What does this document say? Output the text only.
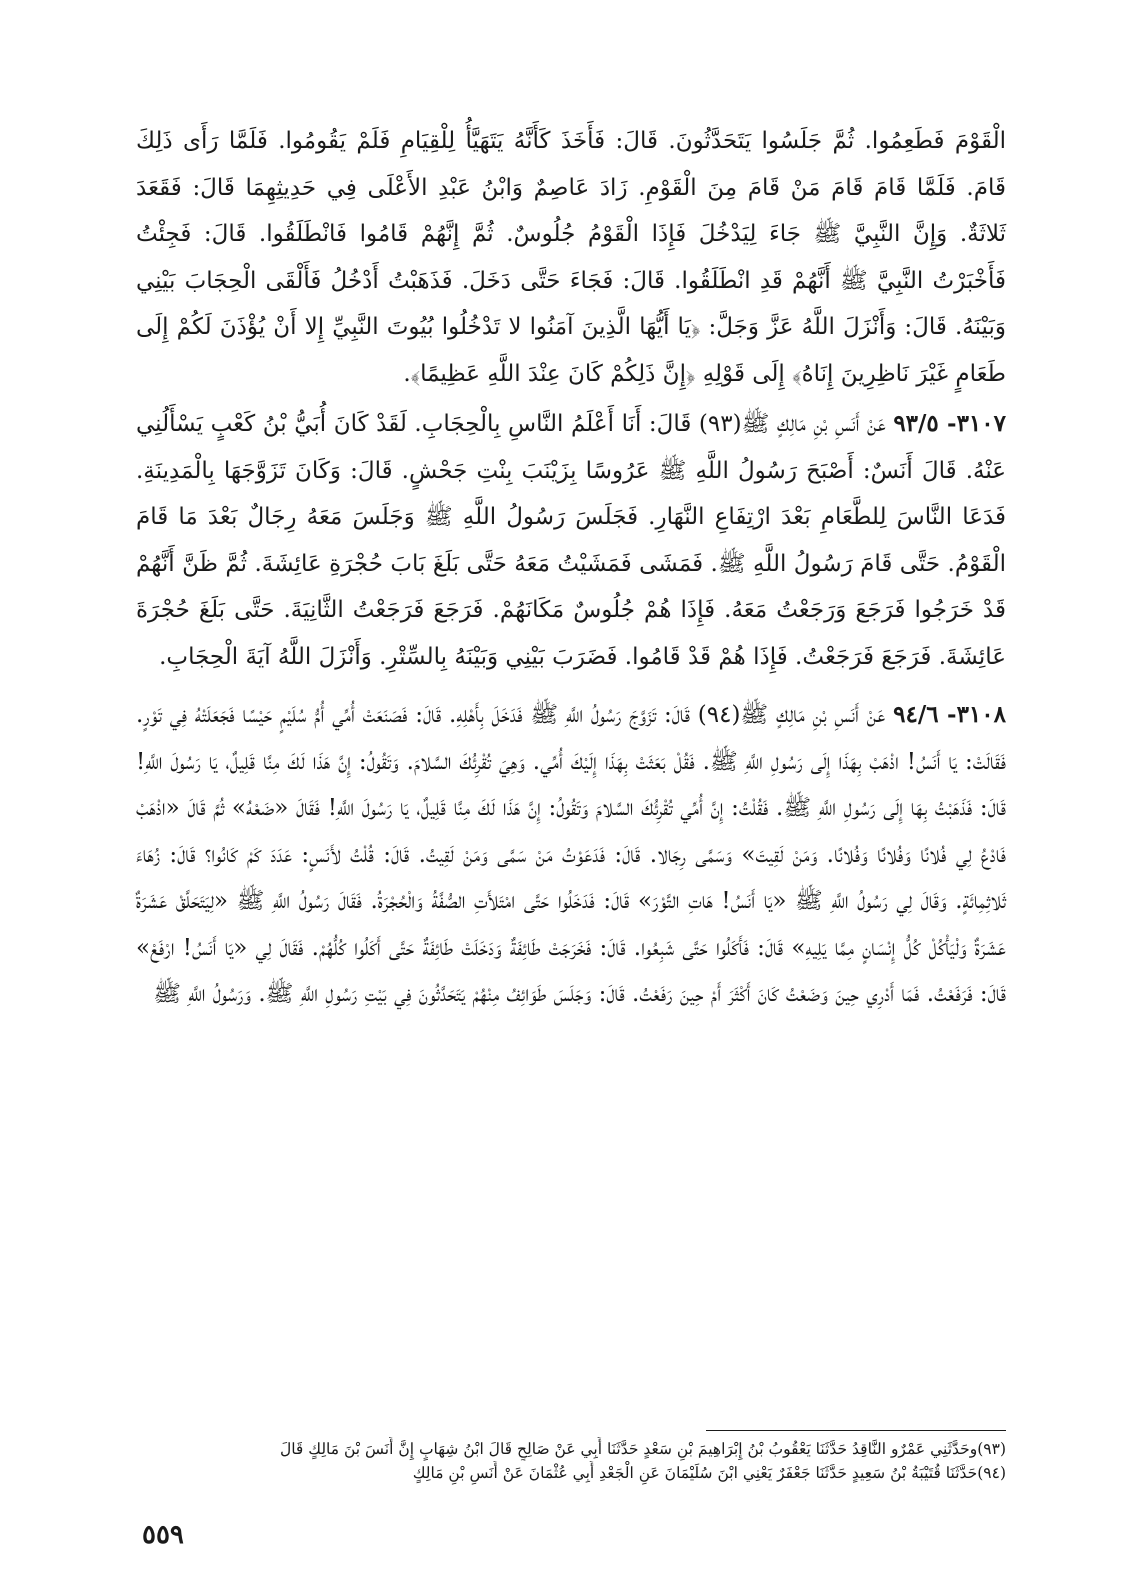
الْقَوْمَ فَطَعِمُوا. ثُمَّ جَلَسُوا يَتَحَدَّثُونَ. قَالَ: فَأَخَذَ كَأَنَّهُ يَتَهَيَّأُ لِلْقِيَامِ فَلَمْ يَقُومُوا. فَلَمَّا رَأَى ذَلِكَ قَامَ. فَلَمَّا قَامَ قَامَ مَنْ قَامَ مِنَ الْقَوْمِ. زَادَ عَاصِمٌ وَابْنُ عَبْدِ الأَعْلَى فِي حَدِيثِهِمَا قَالَ: فَقَعَدَ ثَلاثَةٌ. وَإِنَّ النَّبِيَّ ﷺ جَاءَ لِيَدْخُلَ فَإِذَا الْقَوْمُ جُلُوسٌ. ثُمَّ إِنَّهُمْ قَامُوا فَانْطَلَقُوا. قَالَ: فَجِئْتُ فَأَخْبَرْتُ النَّبِيَّ ﷺ أَنَّهُمْ قَدِ انْطَلَقُوا. قَالَ: فَجَاءَ حَتَّى دَخَلَ. فَذَهَبْتُ أَدْخُلُ فَأَلْقَى الْحِجَابَ بَيْنِي وَبَيْنَهُ. قَالَ: وَأَنْزَلَ اللَّهُ عَزَّ وَجَلَّ: ﴿يَا أَيُّهَا الَّذِينَ آمَنُوا لا تَدْخُلُوا بُيُوتَ النَّبِيِّ إِلا أَنْ يُؤْذَنَ لَكُمْ إِلَى طَعَامٍ غَيْرَ نَاظِرِينَ إِنَاهُ﴾ إِلَى قَوْلِهِ ﴿إِنَّ ذَلِكُمْ كَانَ عِنْدَ اللَّهِ عَظِيمًا﴾.

٣١٠٧- ٩٣/٥ عَنْ أَنَسِ بْنِ مَالِكٍ ﷺ(٩٣) قَالَ: أَنَا أَعْلَمُ النَّاسِ بِالْحِجَابِ. لَقَدْ كَانَ أُبَيُّ بْنُ كَعْبٍ يَسْأَلُنِي عَنْهُ. قَالَ أَنَسٌ: أَصْبَحَ رَسُولُ اللَّهِ ﷺ عَرُوسًا بِزَيْنَبَ بِنْتِ جَحْشٍ. قَالَ: وَكَانَ تَزَوَّجَهَا بِالْمَدِينَةِ. فَدَعَا النَّاسَ لِلطَّعَامِ بَعْدَ ارْتِفَاعِ النَّهَارِ. فَجَلَسَ رَسُولُ اللَّهِ ﷺ وَجَلَسَ مَعَهُ رِجَالٌ بَعْدَ مَا قَامَ الْقَوْمُ. حَتَّى قَامَ رَسُولُ اللَّهِ ﷺ. فَمَشَى فَمَشَيْتُ مَعَهُ حَتَّى بَلَغَ بَابَ حُجْرَةِ عَائِشَةَ. ثُمَّ ظَنَّ أَنَّهُمْ قَدْ خَرَجُوا فَرَجَعَ وَرَجَعْتُ مَعَهُ. فَإِذَا هُمْ جُلُوسٌ مَكَانَهُمْ. فَرَجَعَ فَرَجَعْتُ الثَّانِيَةَ. حَتَّى بَلَغَ حُجْرَةَ عَائِشَةَ. فَرَجَعَ فَرَجَعْتُ. فَإِذَا هُمْ قَدْ قَامُوا. فَضَرَبَ بَيْنِي وَبَيْنَهُ بِالسِّتْرِ. وَأَنْزَلَ اللَّهُ آيَةَ الْحِجَابِ.

٣١٠٨- ٩٤/٦ عَنْ أَنَسِ بْنِ مَالِكٍ ﷺ(٩٤) قَالَ: تَزَوَّجَ رَسُولُ اللَّهِ ﷺ فَدَخَلَ بِأَهْلِهِ. قَالَ: فَصَنَعَتْ أُمِّي أُمُّ سُلَيْمٍ حَيْسًا فَجَعَلَتْهُ فِي تَوْرٍ. فَقَالَتْ: يَا أَنَسُ! اذْهَبْ بِهَذَا إِلَى رَسُولِ اللَّهِ ﷺ. فَقُلْ بَعَثَتْ بِهَذَا إِلَيْكَ أُمِّي. وَهِيَ تُقْرِئُكَ السَّلامَ. وَتَقُولُ: إِنَّ هَذَا لَكَ مِنَّا قَلِيلٌ، يَا رَسُولَ اللَّهِ! قَالَ: فَذَهَبْتُ بِهَا إِلَى رَسُولِ اللَّهِ ﷺ. فَقُلْتُ: إِنَّ أُمِّي تُقْرِئُكَ السَّلامَ وَتَقُولُ: إِنَّ هَذَا لَكَ مِنَّا قَلِيلٌ، يَا رَسُولَ اللَّهِ! فَقَالَ «ضَعْهُ» ثُمَّ قَالَ «اذْهَبْ فَادْعُ لِي فُلانًا وَفُلانًا وَفُلانًا. وَمَنْ لَقِيتَ» وَسَمَّى رِجَالا. قَالَ: فَدَعَوْتُ مَنْ سَمَّى وَمَنْ لَقِيتُ. قَالَ: قُلْتُ لأَنَسٍ: عَدَدَ كَمْ كَانُوا؟ قَالَ: زُهَاءَ ثَلاثِمِائَةٍ. وَقَالَ لِي رَسُولُ اللَّهِ ﷺ «يَا أَنَسُ! هَاتِ التَّوْرَ» قَالَ: فَدَخَلُوا حَتَّى امْتَلأَتِ الصُّفَّةُ وَالْحُجْرَةُ. فَقَالَ رَسُولُ اللَّهِ ﷺ «لِيَتَحَلَّقْ عَشَرَةٌ عَشَرَةٌ وَلْيَأْكُلْ كُلُّ إِنْسَانٍ مِمَّا يَلِيهِ» قَالَ: فَأَكَلُوا حَتَّى شَبِعُوا. قَالَ: فَخَرَجَتْ طَائِفَةٌ وَدَخَلَتْ طَائِفَةٌ حَتَّى أَكَلُوا كُلُّهُمْ. فَقَالَ لِي «يَا أَنَسُ! ارْفَعْ» قَالَ: فَرَفَعْتُ. فَمَا أَدْرِي حِينَ وَضَعْتُ كَانَ أَكْثَرَ أَمْ حِينَ رَفَعْتُ. قَالَ: وَجَلَسَ طَوَائِفُ مِنْهُمْ يَتَحَدَّثُونَ فِي بَيْتِ رَسُولِ اللَّهِ ﷺ. وَرَسُولُ اللَّهِ ﷺ

(٩٣)وحَدَّثَنِي عَمْرٌو النَّاقِدُ حَدَّثَنَا يَعْقُوبُ بْنُ إِبْرَاهِيمَ بْنِ سَعْدٍ حَدَّثَنَا أَبِي عَنْ صَالِحٍ قَالَ ابْنُ شِهَابٍ إِنَّ أَنَسَ بْنَ مَالِكٍ قَالَ

(٩٤)حَدَّثَنَا قُتَيْبَةُ بْنُ سَعِيدٍ حَدَّثَنَا جَعْفَرٌ يَعْنِي ابْنَ سُلَيْمَانَ عَنِ الْجَعْدِ أَبِي عُثْمَانَ عَنْ أَنَسِ بْنِ مَالِكٍ

٥٥٩
